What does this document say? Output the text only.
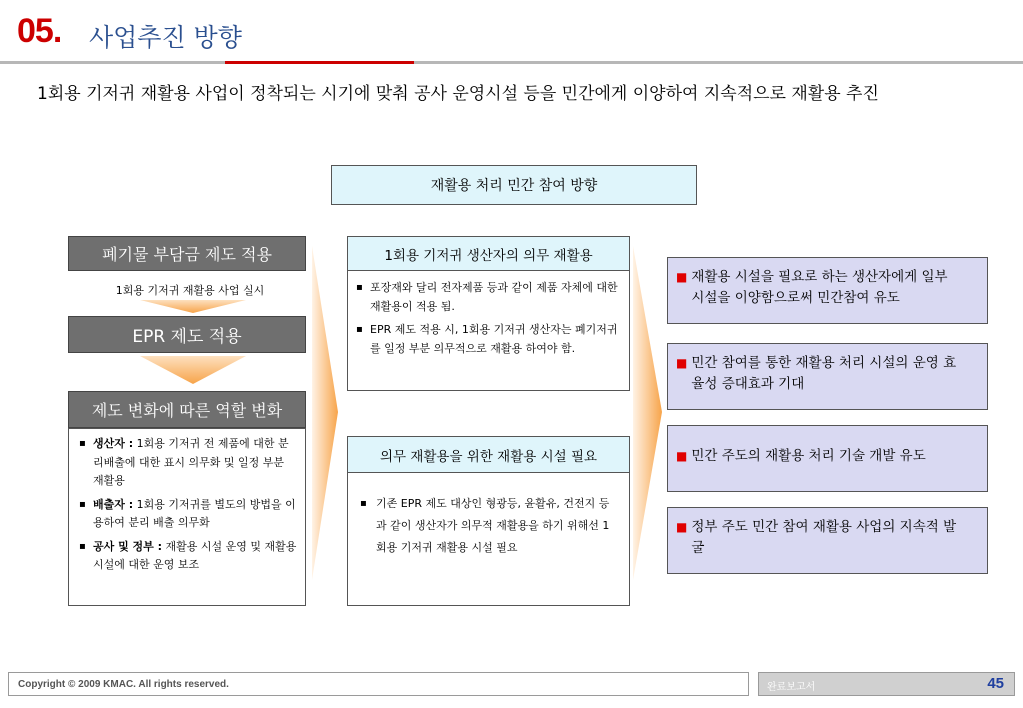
05. 사업추진 방향
1회용 기저귀 재활용 사업이 정착되는 시기에 맞춰 공사 운영시설 등을 민간에게 이양하여 지속적으로 재활용 추진
재활용 처리 민간 참여 방향
폐기물 부담금 제도 적용
1회용 기저귀 재활용 사업 실시
EPR 제도 적용
제도 변화에 따른 역할 변화
▪ 생산자 : 1회용 기저귀 전 제품에 대한 분리배출에 대한 표시 의무화 및 일정 부분 재활용
▪ 배출자 : 1회용 기저귀를 별도의 방법을 이용하여 분리 배출 의무화
▪ 공사 및 정부 : 재활용 시설 운영 및 재활용 시설에 대한 운영 보조
1회용 기저귀 생산자의 의무 재활용
▪ 포장재와 달리 전자제품 등과 같이 제품 자체에 대한 재활용이 적용 됨.
▪ EPR 제도 적용 시, 1회용 기저귀 생산자는 폐기저귀를 일정 부분 의무적으로 재활용 하여야 함.
의무 재활용을 위한 재활용 시설 필요
▪ 기존 EPR 제도 대상인 형광등, 윤활유, 건전지 등과 같이 생산자가 의무적 재활용을 하기 위해선 1회용 기저귀 재활용 시설 필요
■ 재활용 시설을 필요로 하는 생산자에게 일부 시설을 이양함으로써 민간참여 유도
■ 민간 참여를 통한 재활용 처리 시설의 운영 효율성 증대효과 기대
■ 민간 주도의 재활용 처리 기술 개발 유도
■ 정부 주도 민간 참여 재활용 사업의 지속적 발굴
Copyright © 2009 KMAC. All rights reserved.	완료보고서	45
